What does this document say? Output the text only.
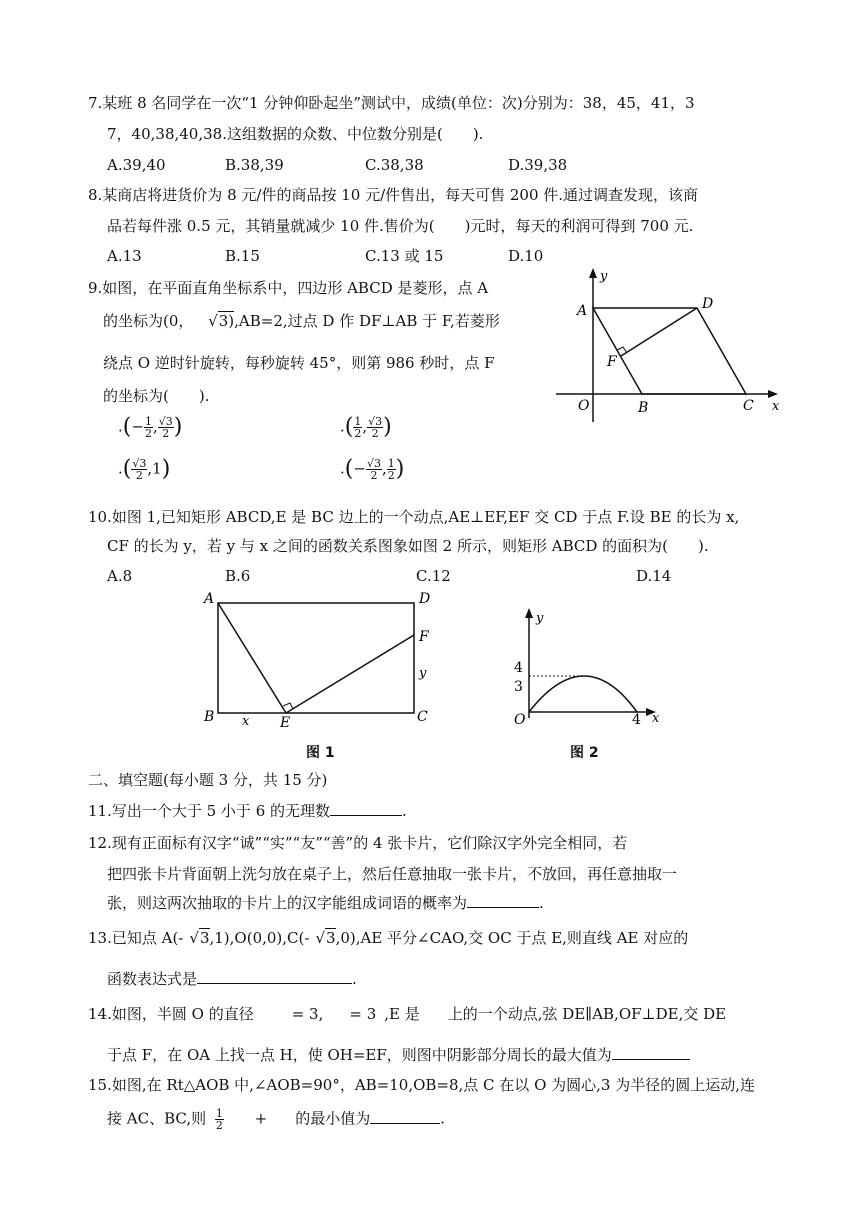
7.某班 8 名同学在一次“1 分钟仰卧起坐”测试中，成绩(单位：次)分别为：38，45，41，3
7，40,38,40,38.这组数据的众数、中位数分别是(　　).
A.39,40	B.38,39	C.38,38	D.39,38
8.某商店将进货价为 8 元/件的商品按 10 元/件售出，每天可售 200 件.通过调查发现，该商
品若每件涨 0.5 元，其销量就减少 10 件.售价为(　　)元时，每天的利润可得到 700 元.
A.13	B.15	C.13 或 15	D.10
9.如图，在平面直角坐标系中，四边形 ABCD 是菱形，点 A
的坐标为(0， √3),AB=2,过点 D 作 DF⊥AB 于 F,若菱形
绕点 O 逆时针旋转，每秒旋转 45°，则第 986 秒时，点 F
的坐标为(　　).
.(− $\frac{1}{2}$ , $\frac{√3}{2}$ )	.( $\frac{1}{2}$ , $\frac{√3}{2}$ )
.( $\frac{√3}{2} ,1$)	.(− $\frac{√3}{2}$ , $\frac{1}{2}$ )
y
x
A	D
F
O	B	C
10.如图 1,已知矩形 ABCD,E 是 BC 边上的一个动点,AE⊥EF,EF 交 CD 于点 F.设 BE 的长为 x,
CF 的长为 y，若 y 与 x 之间的函数关系图象如图 2 所示，则矩形 ABCD 的面积为(　　).
A.8	B.6	C.12	D.14
A	D
F
y
B x E	C
图 1
y
x
O	4
4
3
图 2
二、填空题(每小题 3 分，共 15 分)
11.写出一个大于 5 小于 6 的无理数	.
12.现有正面标有汉字“诚”“实”“友”“善”的 4 张卡片，它们除汉字外完全相同，若
把四张卡片背面朝上洗匀放在桌子上，然后任意抽取一张卡片，不放回，再任意抽取一
张，则这两次抽取的卡片上的汉字能组成词语的概率为	.
13.已知点 A(- √3,1),O(0,0),C(- √3,0),AE 平分∠CAO,交 OC 于点 E,则直线 AE 对应的
函数表达式是	.
14.如图，半圆 O 的直径	= 3, = 3 ,E 是 上的一个动点,弦 DE∥AB,OF⊥DE,交 DE
于点 F，在 OA 上找一点 H，使 OH=EF，则图中阴影部分周长的最大值为
15.如图,在 Rt△AOB 中,∠AOB=90°，AB=10,OB=8,点 C 在以 O 为圆心,3 为半径的圆上运动,连
接 AC、BC,则 $\frac{1}{2}$ + 的最小值为	.
